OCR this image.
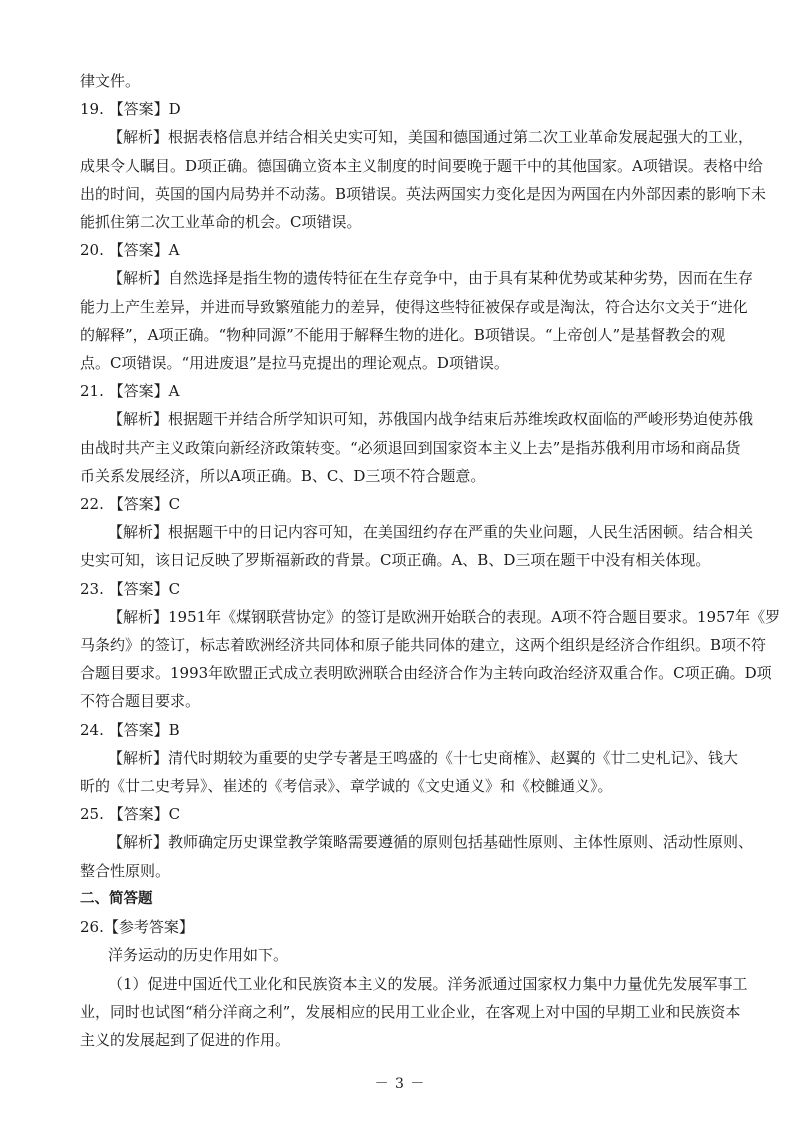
律文件。
19. 【答案】D
【解析】根据表格信息并结合相关史实可知，美国和德国通过第二次工业革命发展起强大的工业，
成果令人瞩目。D项正确。德国确立资本主义制度的时间要晚于题干中的其他国家。A项错误。表格中给
出的时间，英国的国内局势并不动荡。B项错误。英法两国实力变化是因为两国在内外部因素的影响下未
能抓住第二次工业革命的机会。C项错误。
20. 【答案】A
【解析】自然选择是指生物的遗传特征在生存竞争中，由于具有某种优势或某种劣势，因而在生存
能力上产生差异，并进而导致繁殖能力的差异，使得这些特征被保存或是淘汰，符合达尔文关于“进化
的解释”，A项正确。“物种同源”不能用于解释生物的进化。B项错误。“上帝创人”是基督教会的观
点。C项错误。“用进废退”是拉马克提出的理论观点。D项错误。
21. 【答案】A
【解析】根据题干并结合所学知识可知，苏俄国内战争结束后苏维埃政权面临的严峻形势迫使苏俄
由战时共产主义政策向新经济政策转变。“必须退回到国家资本主义上去”是指苏俄利用市场和商品货
币关系发展经济，所以A项正确。B、C、D三项不符合题意。
22. 【答案】C
【解析】根据题干中的日记内容可知，在美国纽约存在严重的失业问题，人民生活困顿。结合相关
史实可知，该日记反映了罗斯福新政的背景。C项正确。A、B、D三项在题干中没有相关体现。
23. 【答案】C
【解析】1951年《煤钢联营协定》的签订是欧洲开始联合的表现。A项不符合题目要求。1957年《罗
马条约》的签订，标志着欧洲经济共同体和原子能共同体的建立，这两个组织是经济合作组织。B项不符
合题目要求。1993年欧盟正式成立表明欧洲联合由经济合作为主转向政治经济双重合作。C项正确。D项
不符合题目要求。
24. 【答案】B
【解析】清代时期较为重要的史学专著是王鸣盛的《十七史商榷》、赵翼的《廿二史札记》、钱大
昕的《廿二史考异》、崔述的《考信录》、章学诚的《文史通义》和《校雠通义》。
25. 【答案】C
【解析】教师确定历史课堂教学策略需要遵循的原则包括基础性原则、主体性原则、活动性原则、
整合性原则。
二、简答题
26.【参考答案】
洋务运动的历史作用如下。
（1）促进中国近代工业化和民族资本主义的发展。洋务派通过国家权力集中力量优先发展军事工
业，同时也试图“稍分洋商之利”，发展相应的民用工业企业，在客观上对中国的早期工业和民族资本
主义的发展起到了促进的作用。
－ 3 －
